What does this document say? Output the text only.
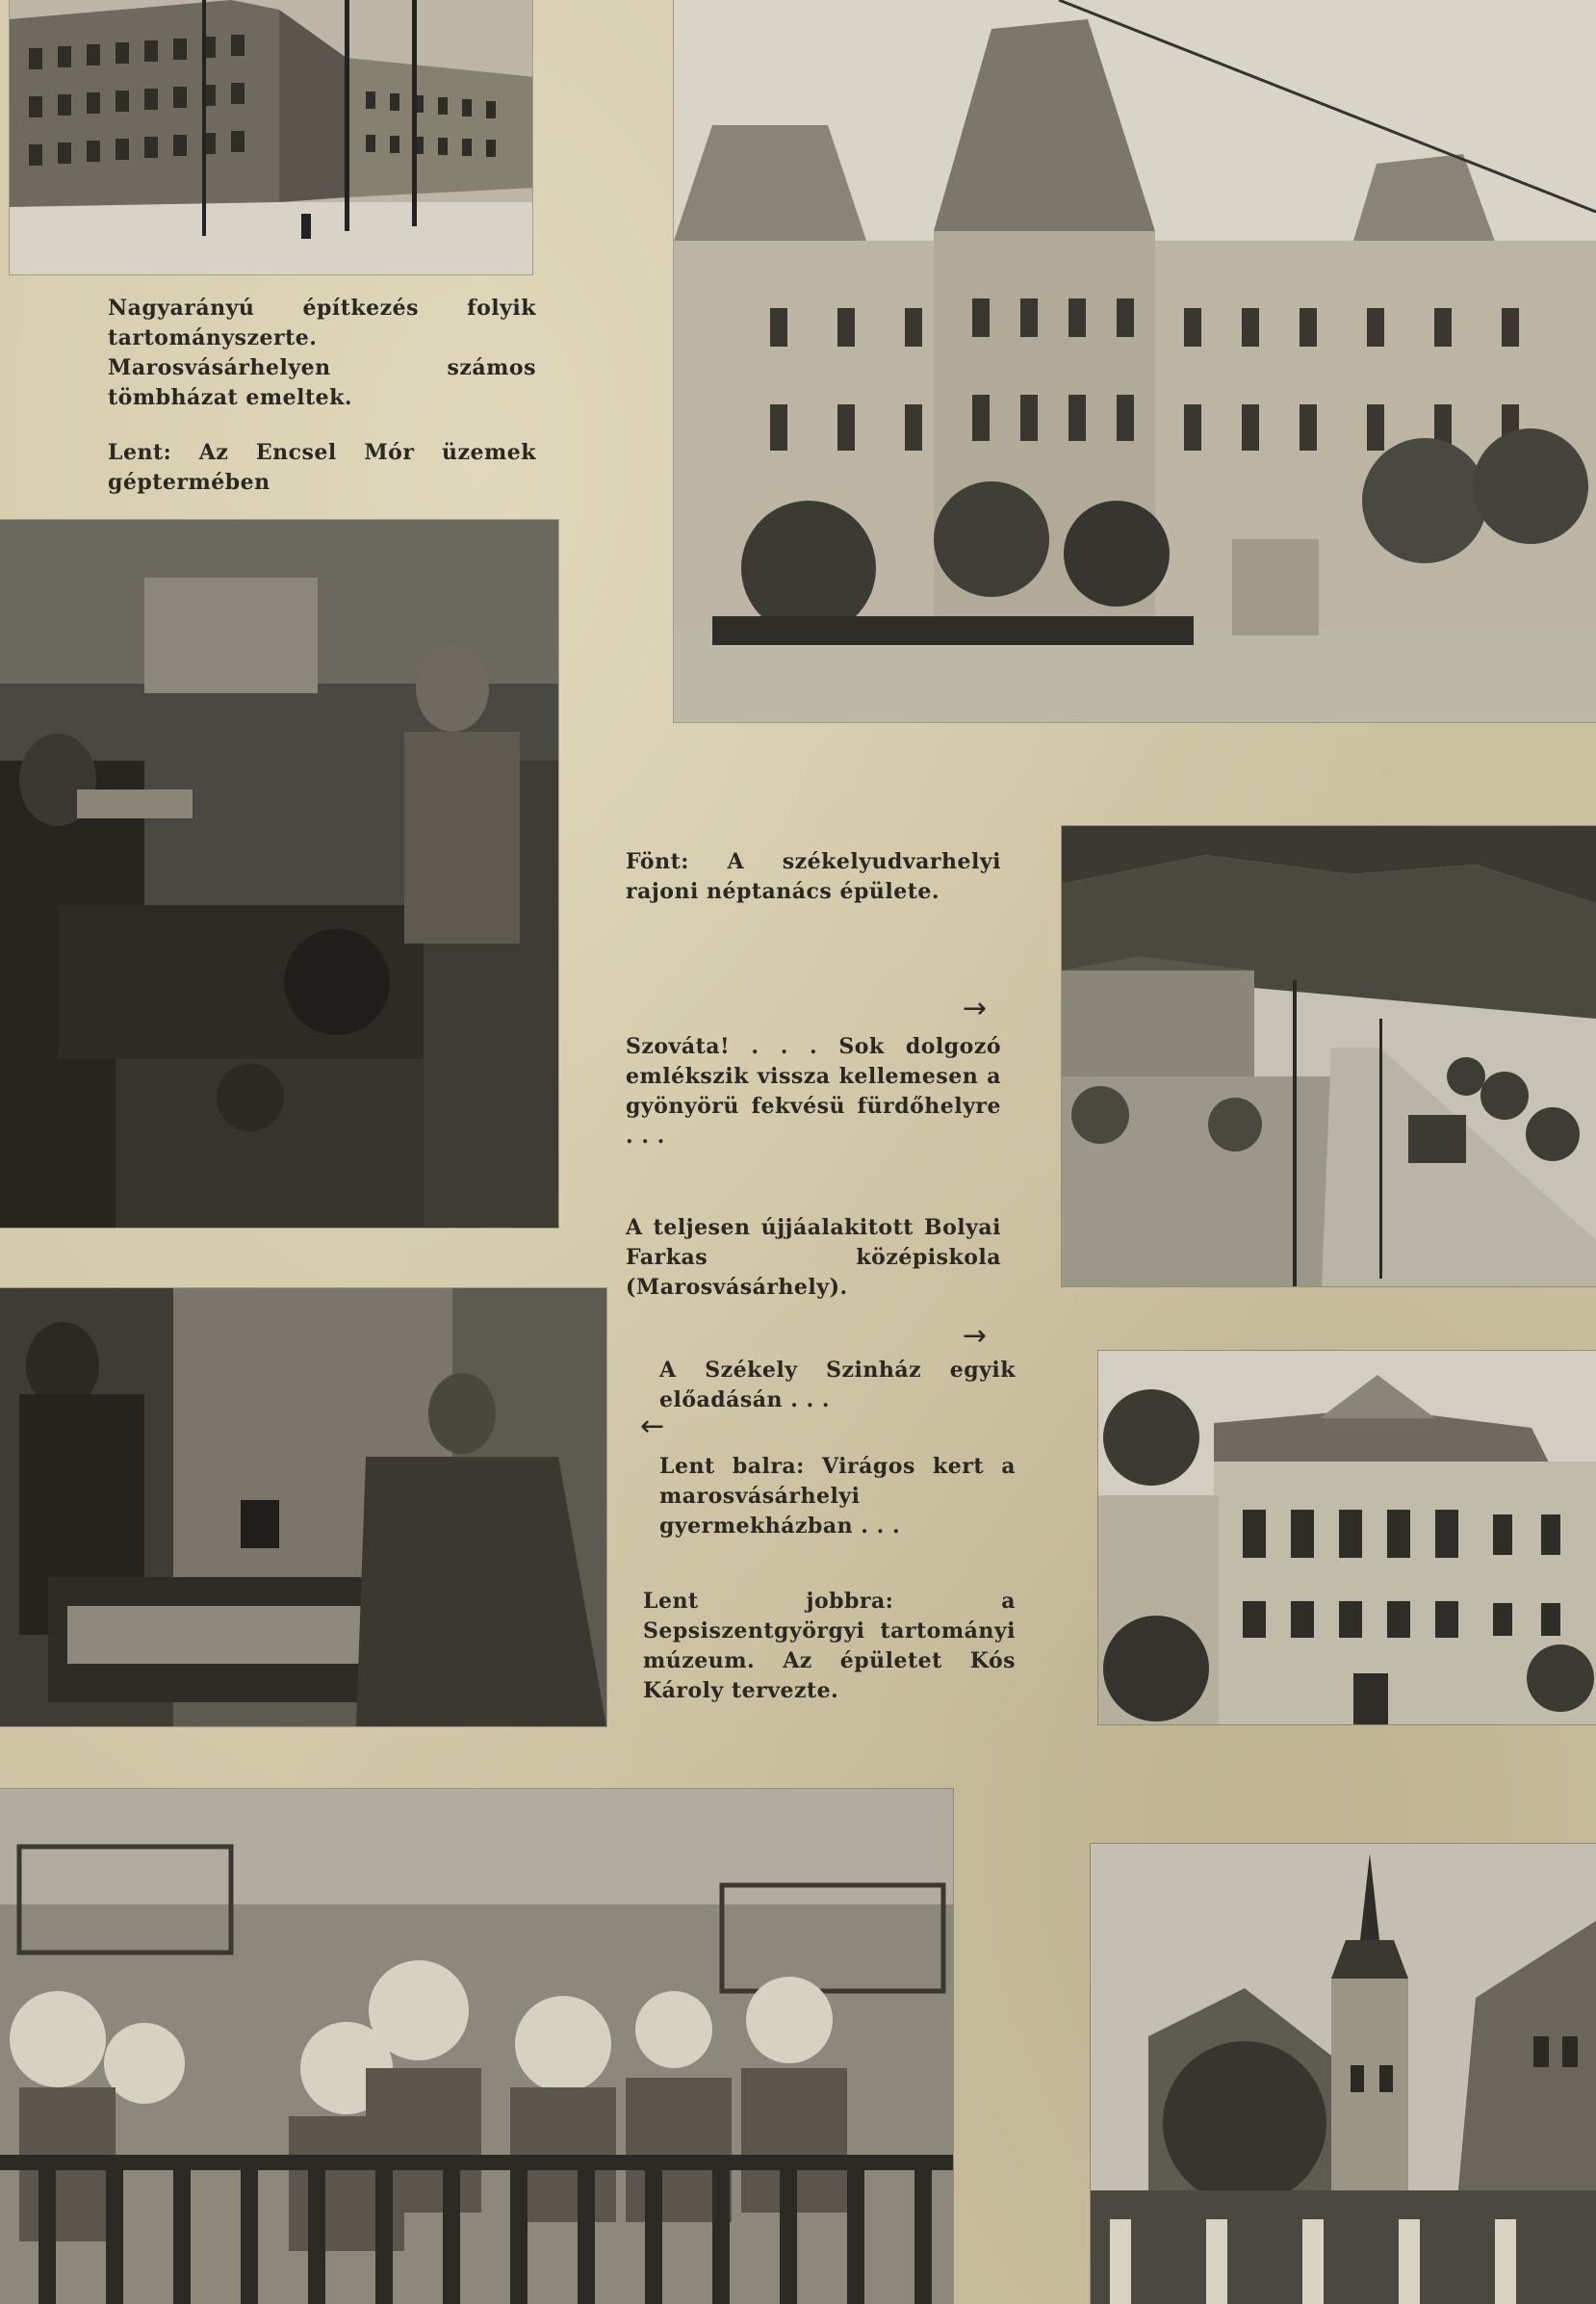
Nagyarányú építkezés folyik tartományszerte. Marosvásárhelyen számos tömbházat emeltek.

Lent: Az Encsel Mór üzemek géptermében

Fönt: A székelyudvarhelyi rajoni néptanács épülete.

→

Szováta! . . . Sok dolgozó emlékszik vissza kellemesen a gyönyörü fekvésü fürdőhelyre . . .

A teljesen újjáalakitott Bolyai Farkas középiskola (Marosvásárhely).

→

A Székely Szinház egyik előadásán . . .

←

Lent balra: Virágos kert a marosvásárhelyi gyermekházban . . .

Lent jobbra: a Sepsiszentgyörgyi tartományi múzeum. Az épületet Kós Károly tervezte.
